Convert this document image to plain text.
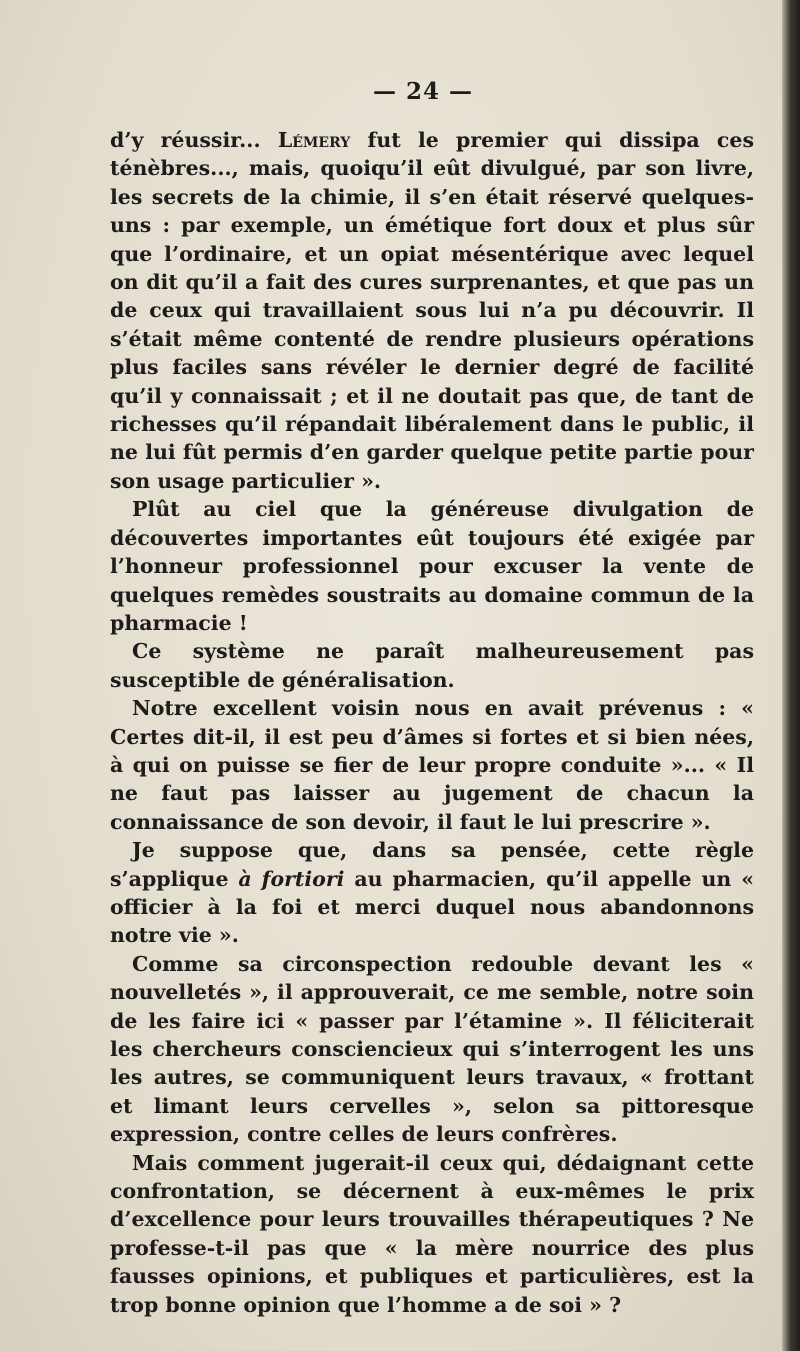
— 24 —

d’y réussir... Lémery fut le premier qui dissipa ces ténèbres..., mais, quoiqu’il eût divulgué, par son livre, les secrets de la chimie, il s’en était réservé quelques-uns : par exemple, un émétique fort doux et plus sûr que l’ordinaire, et un opiat mésentérique avec lequel on dit qu’il a fait des cures surprenantes, et que pas un de ceux qui travaillaient sous lui n’a pu découvrir. Il s’était même contenté de rendre plusieurs opérations plus faciles sans révéler le dernier degré de facilité qu’il y connaissait ; et il ne doutait pas que, de tant de richesses qu’il répandait libéralement dans le public, il ne lui fût permis d’en garder quelque petite partie pour son usage particulier ».

Plût au ciel que la généreuse divulgation de découvertes importantes eût toujours été exigée par l’honneur professionnel pour excuser la vente de quelques remèdes soustraits au domaine commun de la pharmacie !

Ce système ne paraît malheureusement pas susceptible de généralisation.

Notre excellent voisin nous en avait prévenus : « Certes dit-il, il est peu d’âmes si fortes et si bien nées, à qui on puisse se fier de leur propre conduite »... « Il ne faut pas laisser au jugement de chacun la connaissance de son devoir, il faut le lui prescrire ».

Je suppose que, dans sa pensée, cette règle s’applique à fortiori au pharmacien, qu’il appelle un « officier à la foi et merci duquel nous abandonnons notre vie ».

Comme sa circonspection redouble devant les « nouvelletés », il approuverait, ce me semble, notre soin de les faire ici « passer par l’étamine ». Il féliciterait les chercheurs consciencieux qui s’interrogent les uns les autres, se communiquent leurs travaux, « frottant et limant leurs cervelles », selon sa pittoresque expression, contre celles de leurs confrères.

Mais comment jugerait-il ceux qui, dédaignant cette confrontation, se décernent à eux-mêmes le prix d’excellence pour leurs trouvailles thérapeutiques ? Ne professe-t-il pas que « la mère nourrice des plus fausses opinions, et publiques et particulières, est la trop bonne opinion que l’homme a de soi » ?
